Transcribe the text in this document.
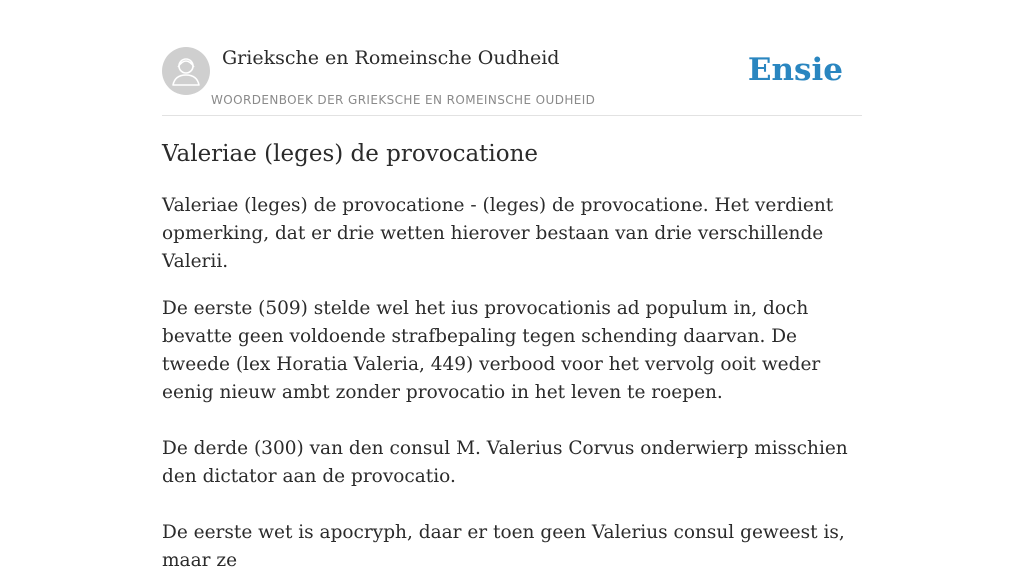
Grieksche en Romeinsche Oudheid
WOORDENBOEK DER GRIEKSCHE EN ROMEINSCHE OUDHEID
Ensie
Valeriae (leges) de provocatione

Valeriae (leges) de provocatione - (leges) de provocatione. Het verdient opmerking, dat er drie wetten hierover bestaan van drie verschillende Valerii.

De eerste (509) stelde wel het ius provocationis ad populum in, doch bevatte geen voldoende strafbepaling tegen schending daarvan. De tweede (lex Horatia Valeria, 449) verbood voor het vervolg ooit weder eenig nieuw ambt zonder provocatio in het leven te roepen.

De derde (300) van den consul M. Valerius Corvus onderwierp misschien den dictator aan de provocatio.

De eerste wet is apocryph, daar er toen geen Valerius consul geweest is, maar ze
